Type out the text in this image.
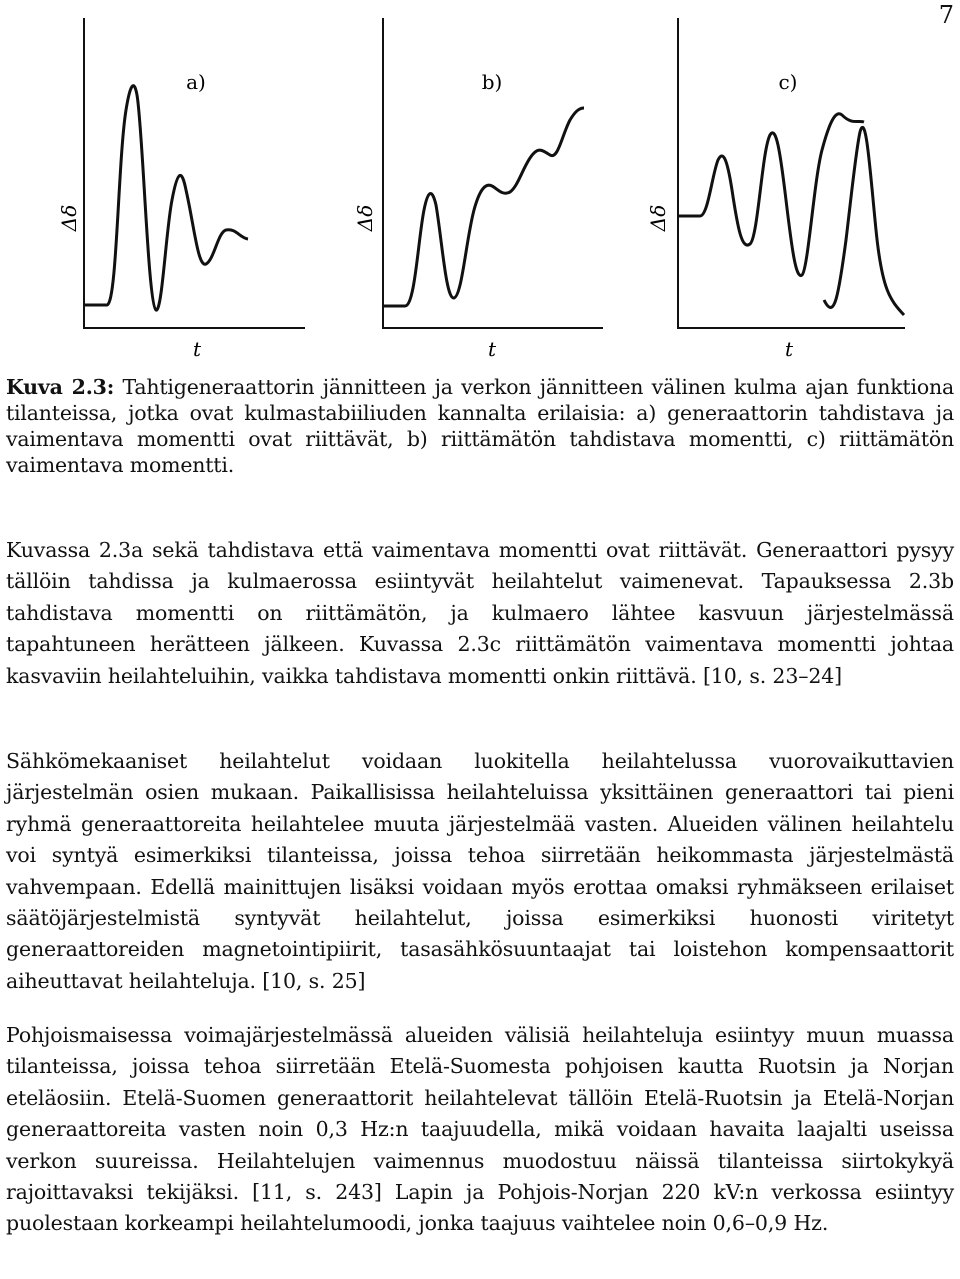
7
a)
Δδ
t
b)
Δδ
t
c)
Δδ
t
Kuva 2.3: Tahtigeneraattorin jännitteen ja verkon jännitteen välinen kulma ajan funktiona tilanteissa, jotka ovat kulmastabiiliuden kannalta erilaisia: a) generaattorin tahdistava ja vaimentava momentti ovat riittävät, b) riittämätön tahdistava momentti, c) riittämätön vaimentava momentti.

Kuvassa 2.3a sekä tahdistava että vaimentava momentti ovat riittävät. Generaattori pysyy tällöin tahdissa ja kulmaerossa esiintyvät heilahtelut vaimenevat. Tapauksessa 2.3b tahdistava momentti on riittämätön, ja kulmaero lähtee kasvuun järjestelmässä tapahtuneen herätteen jälkeen. Kuvassa 2.3c riittämätön vaimentava momentti johtaa kasvaviin heilahteluihin, vaikka tahdistava momentti onkin riittävä. [10, s. 23–24]

Sähkömekaaniset heilahtelut voidaan luokitella heilahtelussa vuorovaikuttavien järjestelmän osien mukaan. Paikallisissa heilahteluissa yksittäinen generaattori tai pieni ryhmä generaattoreita heilahtelee muuta järjestelmää vasten. Alueiden välinen heilahtelu voi syntyä esimerkiksi tilanteissa, joissa tehoa siirretään heikommasta järjestelmästä vahvempaan. Edellä mainittujen lisäksi voidaan myös erottaa omaksi ryhmäkseen erilaiset säätöjärjestelmistä syntyvät heilahtelut, joissa esimerkiksi huonosti viritetyt generaattoreiden magnetointipiirit, tasasähkösuuntaajat tai loistehon kompensaattorit aiheuttavat heilahteluja. [10, s. 25]

Pohjoismaisessa voimajärjestelmässä alueiden välisiä heilahteluja esiintyy muun muassa tilanteissa, joissa tehoa siirretään Etelä-Suomesta pohjoisen kautta Ruotsin ja Norjan eteläosiin. Etelä-Suomen generaattorit heilahtelevat tällöin Etelä-Ruotsin ja Etelä-Norjan generaattoreita vasten noin 0,3 Hz:n taajuudella, mikä voidaan havaita laajalti useissa verkon suureissa. Heilahtelujen vaimennus muodostuu näissä tilanteissa siirtokykyä rajoittavaksi tekijäksi. [11, s. 243] Lapin ja Pohjois-Norjan 220 kV:n verkossa esiintyy puolestaan korkeampi heilahtelumoodi, jonka taajuus vaihtelee noin 0,6–0,9 Hz.
